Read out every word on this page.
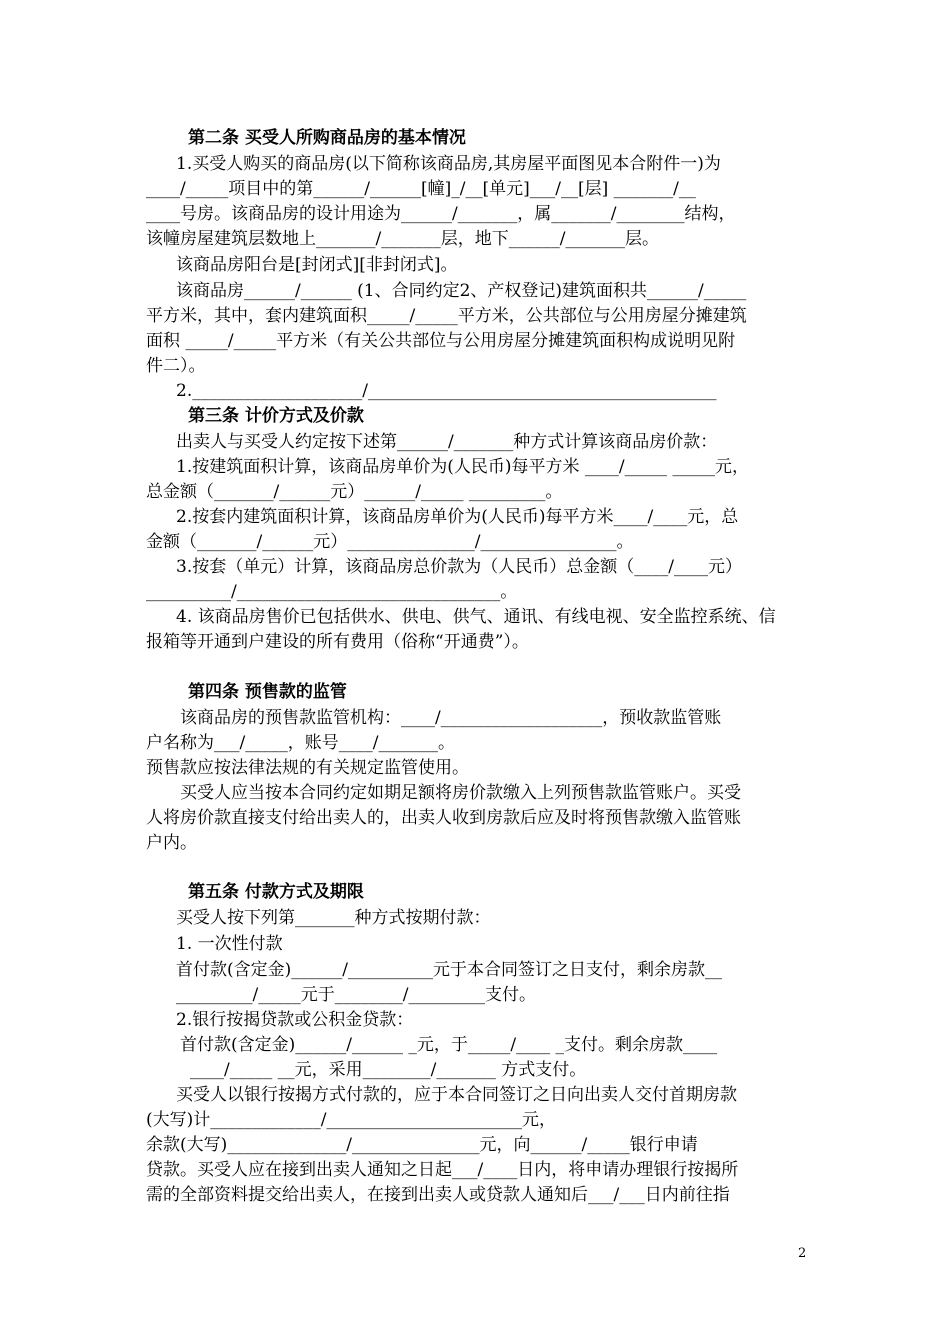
第二条 买受人所购商品房的基本情况
1.买受人购买的商品房(以下简称该商品房,其房屋平面图见本合附件一)为
____/_____项目中的第______/______[幢]_/__[单元]___/__[层] _______/__
____号房。该商品房的设计用途为______/_______，属_______/________结构，
该幢房屋建筑层数地上_______/_______层，地下______/_______层。
该商品房阳台是[封闭式][非封闭式]。
该商品房______/______ (1、合同约定2、产权登记)建筑面积共______/_____
平方米，其中，套内建筑面积_____/_____平方米，公共部位与公用房屋分摊建筑
面积 _____/_____平方米（有关公共部位与公用房屋分摊建筑面积构成说明见附
件二）。
2.____________________/_________________________________________
第三条 计价方式及价款
出卖人与买受人约定按下述第______/_______种方式计算该商品房价款：
1.按建筑面积计算，该商品房单价为(人民币)每平方米 ____/_____ _____元，
总金额（_______/______元）______/_____ _________。
2.按套内建筑面积计算，该商品房单价为(人民币)每平方米____/____元，总
金额（_______/______元）_______________/________________。
3.按套（单元）计算，该商品房总价款为（人民币）总金额（____/____元）
__________/_______________________________。
4. 该商品房售价已包括供水、供电、供气、通讯、有线电视、安全监控系统、信
报箱等开通到户建设的所有费用（俗称“开通费”）。
第四条 预售款的监管
该商品房的预售款监管机构：____/___________________，预收款监管账
户名称为___/_____，账号____/_______。
预售款应按法律法规的有关规定监管使用。
买受人应当按本合同约定如期足额将房价款缴入上列预售款监管账户。买受
人将房价款直接支付给出卖人的，出卖人收到房款后应及时将预售款缴入监管账
户内。
第五条 付款方式及期限
买受人按下列第_______种方式按期付款：
1. 一次性付款
首付款(含定金)______/__________元于本合同签订之日支付，剩余房款__
_________/_____元于________/_________支付。
2.银行按揭贷款或公积金贷款：
首付款(含定金)______/______ _元，于_____/____ _支付。剩余房款____
____/_____ __元，采用________/_______ 方式支付。
买受人以银行按揭方式付款的，应于本合同签订之日向出卖人交付首期房款
(大写)计_____________/_______________________元，
余款(大写)______________/_______________元，向______/_____银行申请
贷款。买受人应在接到出卖人通知之日起___/____日内，将申请办理银行按揭所
需的全部资料提交给出卖人，在接到出卖人或贷款人通知后___/___日内前往指
2
